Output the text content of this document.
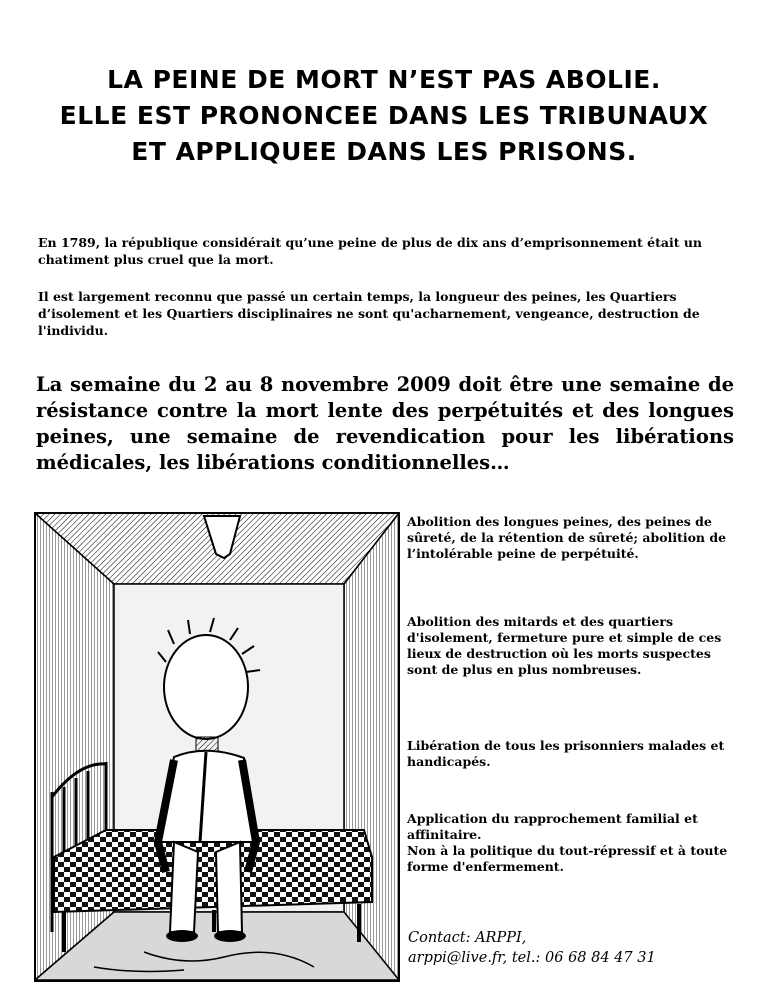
LA PEINE DE MORT N’EST PAS ABOLIE.
ELLE EST PRONONCEE DANS LES TRIBUNAUX
ET APPLIQUEE DANS LES PRISONS.

En 1789, la république considérait qu’une peine de plus de dix ans d’emprisonnement était un chatiment plus cruel que la mort.

Il est largement reconnu que passé un certain temps, la longueur des peines, les Quartiers d’isolement et les Quartiers disciplinaires ne sont qu'acharnement, vengeance, destruction de l'individu.

La semaine du 2 au 8 novembre 2009 doit être une semaine de résistance contre la mort lente des perpétuités et des longues peines, une semaine de revendication pour les libérations médicales, les libérations conditionnelles…

Abolition des longues peines, des peines de sûreté, de la rétention de sûreté; abolition de l’intolérable peine de perpétuité.

Abolition des mitards et des quartiers d'isolement, fermeture pure et simple de ces lieux de destruction où les morts suspectes sont de plus en plus nombreuses.

Libération de tous les prisonniers malades et handicapés.

Application du rapprochement familial et affinitaire.
Non à la politique du tout-répressif et à toute forme d'enfermement.

Contact: ARPPI,
arppi@live.fr, tel.: 06 68 84 47 31
